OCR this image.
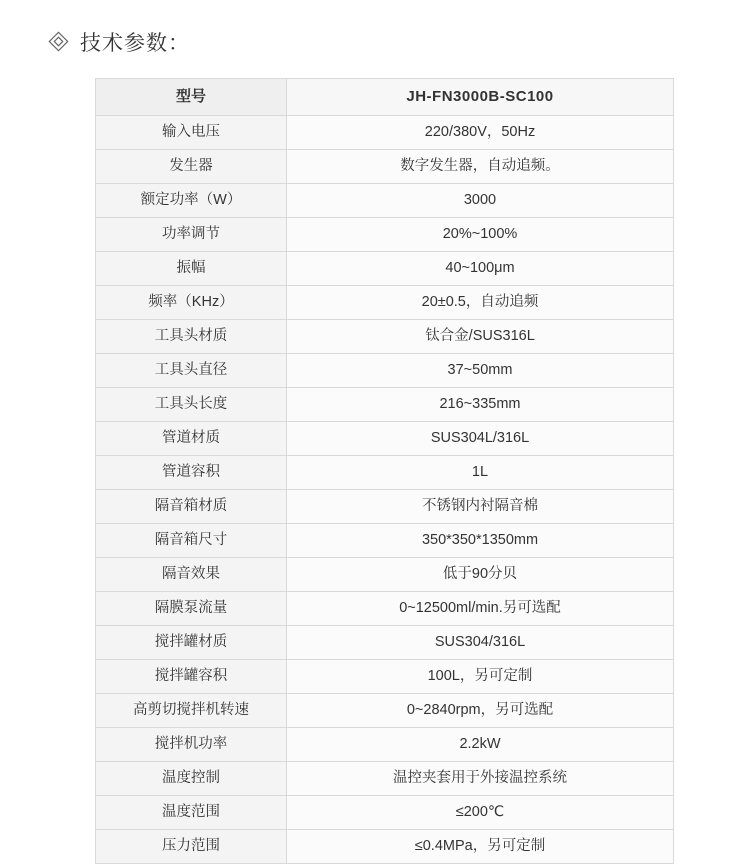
技术参数：
型号	JH-FN3000B-SC100
输入电压	220/380V，50Hz
发生器	数字发生器，自动追频。
额定功率（W）	3000
功率调节	20%~100%
振幅	40~100μm
频率（KHz）	20±0.5，自动追频
工具头材质	钛合金/SUS316L
工具头直径	37~50mm
工具头长度	216~335mm
管道材质	SUS304L/316L
管道容积	1L
隔音箱材质	不锈钢内衬隔音棉
隔音箱尺寸	350*350*1350mm
隔音效果	低于90分贝
隔膜泵流量	0~12500ml/min.另可选配
搅拌罐材质	SUS304/316L
搅拌罐容积	100L，另可定制
高剪切搅拌机转速	0~2840rpm，另可选配
搅拌机功率	2.2kW
温度控制	温控夹套用于外接温控系统
温度范围	≤200℃
压力范围	≤0.4MPa，另可定制
